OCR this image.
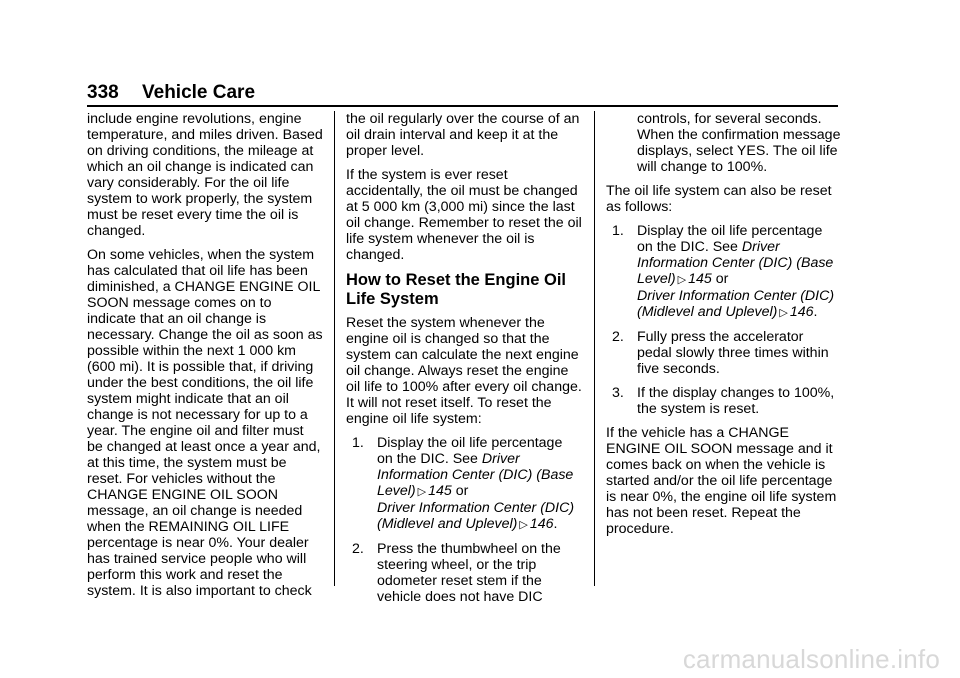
338 Vehicle Care

include engine revolutions, engine temperature, and miles driven. Based on driving conditions, the mileage at which an oil change is indicated can vary considerably. For the oil life system to work properly, the system must be reset every time the oil is changed.

On some vehicles, when the system has calculated that oil life has been diminished, a CHANGE ENGINE OIL SOON message comes on to indicate that an oil change is necessary. Change the oil as soon as possible within the next 1 000 km (600 mi). It is possible that, if driving under the best conditions, the oil life system might indicate that an oil change is not necessary for up to a year. The engine oil and filter must be changed at least once a year and, at this time, the system must be reset. For vehicles without the CHANGE ENGINE OIL SOON message, an oil change is needed when the REMAINING OIL LIFE percentage is near 0%. Your dealer has trained service people who will perform this work and reset the system. It is also important to check

the oil regularly over the course of an oil drain interval and keep it at the proper level.

If the system is ever reset accidentally, the oil must be changed at 5 000 km (3,000 mi) since the last oil change. Remember to reset the oil life system whenever the oil is changed.

How to Reset the Engine Oil Life System

Reset the system whenever the engine oil is changed so that the system can calculate the next engine oil change. Always reset the engine oil life to 100% after every oil change. It will not reset itself. To reset the engine oil life system:

1. Display the oil life percentage on the DIC. See Driver Information Center (DIC) (Base Level) ▷ 145 or
Driver Information Center (DIC) (Midlevel and Uplevel) ▷ 146.
2. Press the thumbwheel on the steering wheel, or the trip odometer reset stem if the vehicle does not have DIC

controls, for several seconds. When the confirmation message displays, select YES. The oil life will change to 100%.

The oil life system can also be reset as follows:

1. Display the oil life percentage on the DIC. See Driver Information Center (DIC) (Base Level) ▷ 145 or
Driver Information Center (DIC) (Midlevel and Uplevel) ▷ 146.
2. Fully press the accelerator pedal slowly three times within five seconds.
3. If the display changes to 100%, the system is reset.

If the vehicle has a CHANGE ENGINE OIL SOON message and it comes back on when the vehicle is started and/or the oil life percentage is near 0%, the engine oil life system has not been reset. Repeat the procedure.

carmanualsonline.info
